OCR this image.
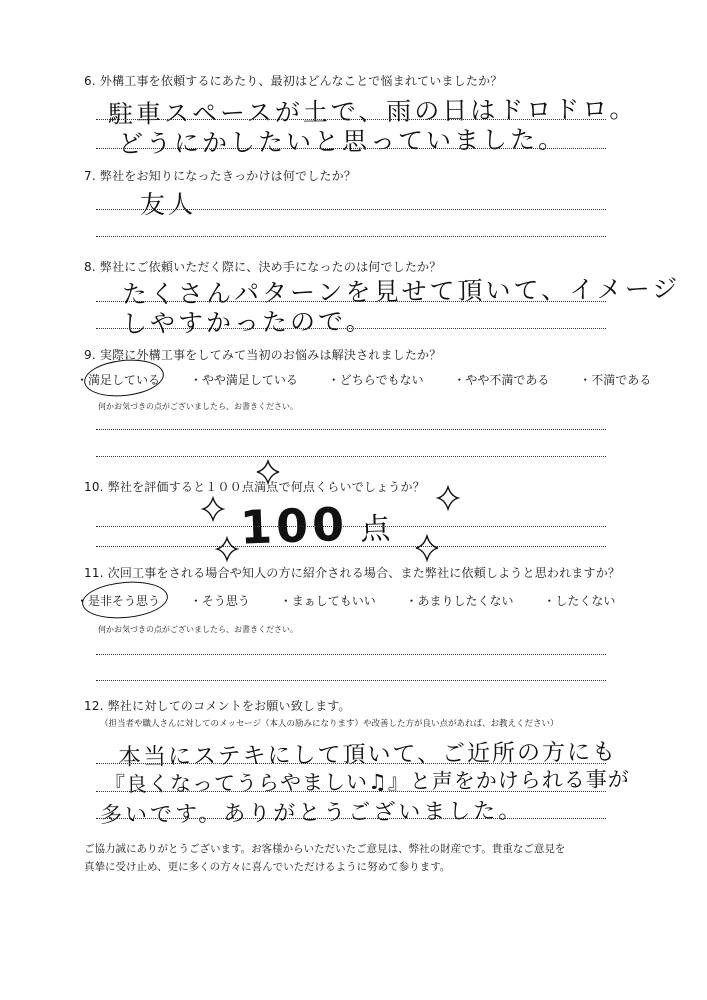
6. 外構工事を依頼するにあたり、最初はどんなことで悩まれていましたか？
駐車スペースが土で、雨の日はドロドロ。
どうにかしたいと思っていました。
7. 弊社をお知りになったきっかけは何でしたか？
友人
8. 弊社にご依頼いただく際に、決め手になったのは何でしたか？
たくさんパターンを見せて頂いて、イメージ
しやすかったので。
9. 実際に外構工事をしてみて当初のお悩みは解決されましたか？
・満足している ・やや満足している ・どちらでもない ・やや不満である ・不満である
何かお気づきの点がございましたら、お書きください。
10. 弊社を評価すると１００点満点で何点くらいでしょうか？
100 点
11. 次回工事をされる場合や知人の方に紹介される場合、また弊社に依頼しようと思われますか？
・是非そう思う ・そう思う ・まぁしてもいい ・あまりしたくない ・したくない
何かお気づきの点がございましたら、お書きください。
12. 弊社に対してのコメントをお願い致します。
（担当者や職人さんに対してのメッセージ（本人の励みになります）や改善した方が良い点があれば、お教えください）
本当にステキにして頂いて、ご近所の方にも
『良くなってうらやましい♫』と声をかけられる事が
多いです。ありがとうございました。
ご協力誠にありがとうございます。お客様からいただいたご意見は、弊社の財産です。貴重なご意見を
真摯に受け止め、更に多くの方々に喜んでいただけるように努めて参ります。
